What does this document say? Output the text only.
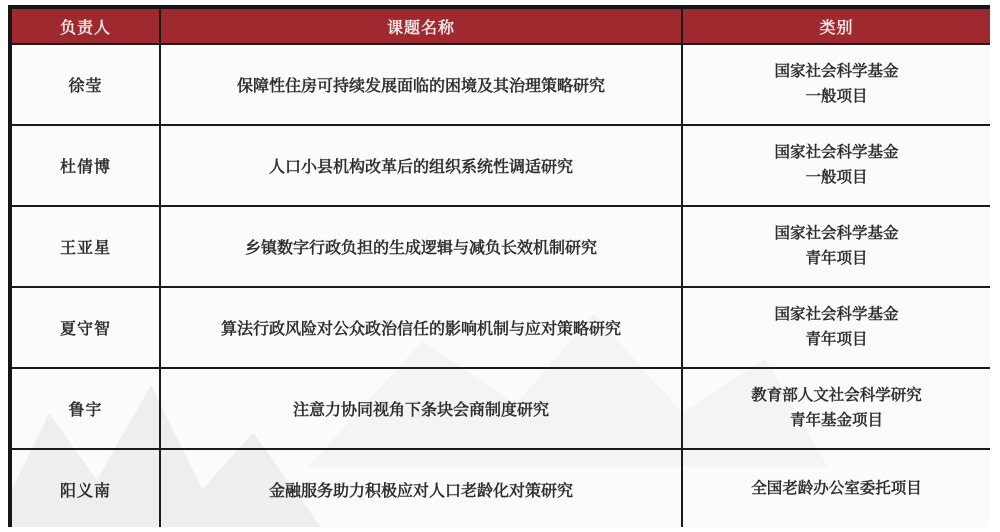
负责人	课题名称	类别
徐莹	保障性住房可持续发展面临的困境及其治理策略研究	国家社会科学基金
一般项目

杜倩博	人口小县机构改革后的组织系统性调适研究	国家社会科学基金
一般项目

王亚星	乡镇数字行政负担的生成逻辑与减负长效机制研究	国家社会科学基金
青年项目

夏守智	算法行政风险对公众政治信任的影响机制与应对策略研究	国家社会科学基金
青年项目

鲁宇	注意力协同视角下条块会商制度研究	教育部人文社会科学研究
青年基金项目

阳义南	金融服务助力积极应对人口老龄化对策研究	全国老龄办公室委托项目
